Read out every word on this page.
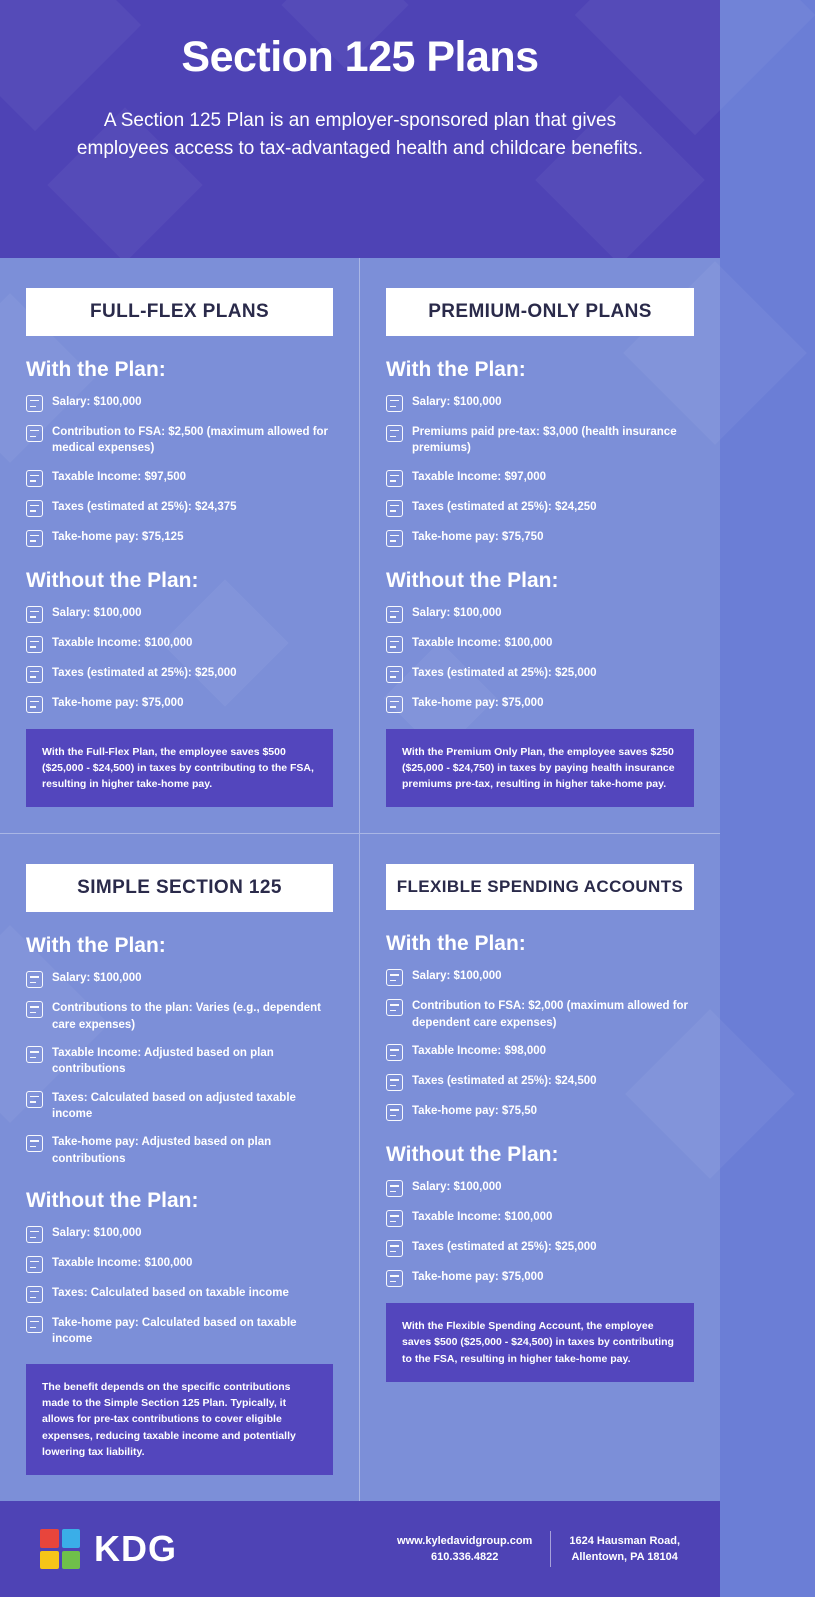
Section 125 Plans

A Section 125 Plan is an employer-sponsored plan that gives employees access to tax-advantaged health and childcare benefits.

FULL-FLEX PLANS
With the Plan:
Salary: $100,000
Contribution to FSA: $2,500 (maximum allowed for medical expenses)
Taxable Income: $97,500
Taxes (estimated at 25%): $24,375
Take-home pay: $75,125
Without the Plan:
Salary: $100,000
Taxable Income: $100,000
Taxes (estimated at 25%): $25,000
Take-home pay: $75,000
With the Full-Flex Plan, the employee saves $500 ($25,000 - $24,500) in taxes by contributing to the FSA, resulting in higher take-home pay.
PREMIUM-ONLY PLANS
With the Plan:
Salary: $100,000
Premiums paid pre-tax: $3,000 (health insurance premiums)
Taxable Income: $97,000
Taxes (estimated at 25%): $24,250
Take-home pay: $75,750
Without the Plan:
Salary: $100,000
Taxable Income: $100,000
Taxes (estimated at 25%): $25,000
Take-home pay: $75,000
With the Premium Only Plan, the employee saves $250 ($25,000 - $24,750) in taxes by paying health insurance premiums pre-tax, resulting in higher take-home pay.
SIMPLE SECTION 125
With the Plan:
Salary: $100,000
Contributions to the plan: Varies (e.g., dependent care expenses)
Taxable Income: Adjusted based on plan contributions
Taxes: Calculated based on adjusted taxable income
Take-home pay: Adjusted based on plan contributions
Without the Plan:
Salary: $100,000
Taxable Income: $100,000
Taxes: Calculated based on taxable income
Take-home pay: Calculated based on taxable income
The benefit depends on the specific contributions made to the Simple Section 125 Plan. Typically, it allows for pre-tax contributions to cover eligible expenses, reducing taxable income and potentially lowering tax liability.
FLEXIBLE SPENDING ACCOUNTS
With the Plan:
Salary: $100,000
Contribution to FSA: $2,000 (maximum allowed for dependent care expenses)
Taxable Income: $98,000
Taxes (estimated at 25%): $24,500
Take-home pay: $75,50
Without the Plan:
Salary: $100,000
Taxable Income: $100,000
Taxes (estimated at 25%): $25,000
Take-home pay: $75,000
With the Flexible Spending Account, the employee saves $500 ($25,000 - $24,500) in taxes by contributing to the FSA, resulting in higher take-home pay.
KDG	www.kyledavidgroup.com
610.336.4822
1624 Hausman Road,
Allentown, PA 18104
